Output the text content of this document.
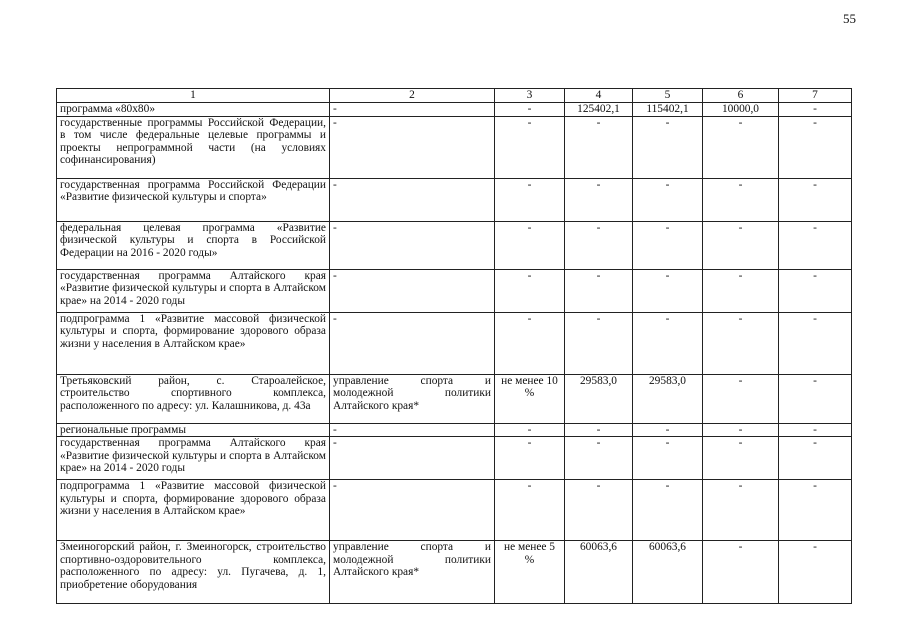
55
1	2	3	4	5	6	7
программа «80х80»	-	-	125402,1	115402,1	10000,0	-
государственные программы Российской Федерации, в том числе федеральные целевые программы и проекты непрограммной части (на условиях софинансирования)	-	-	-	-	-	-
государственная программа Российской Федерации «Развитие физической культуры и спорта»	-	-	-	-	-	-
федеральная целевая программа «Развитие физической культуры и спорта в Российской Федерации на 2016 - 2020 годы»	-	-	-	-	-	-
государственная программа Алтайского края «Развитие физической культуры и спорта в Алтайском крае» на 2014 - 2020 годы	-	-	-	-	-	-
подпрограмма 1 «Развитие массовой физической культуры и спорта, формирование здорового образа жизни у населения в Алтайском крае»	-	-	-	-	-	-
Третьяковский район, с. Староалейское, строительство спортивного комплекса, расположенного по адресу: ул. Калашникова, д. 43а	управление спорта и молодежной политики Алтайского края*	не менее 10 %	29583,0	29583,0	-	-
региональные программы	-	-	-	-	-	-
государственная программа Алтайского края «Развитие физической культуры и спорта в Алтайском крае» на 2014 - 2020 годы	-	-	-	-	-	-
подпрограмма 1 «Развитие массовой физической культуры и спорта, формирование здорового образа жизни у населения в Алтайском крае»	-	-	-	-	-	-
Змеиногорский район, г. Змеиногорск, строительство спортивно-оздоровительного комплекса, расположенного по адресу: ул. Пугачева, д. 1, приобретение оборудования	управление спорта и молодежной политики Алтайского края*	не менее 5 %	60063,6	60063,6	-	-
